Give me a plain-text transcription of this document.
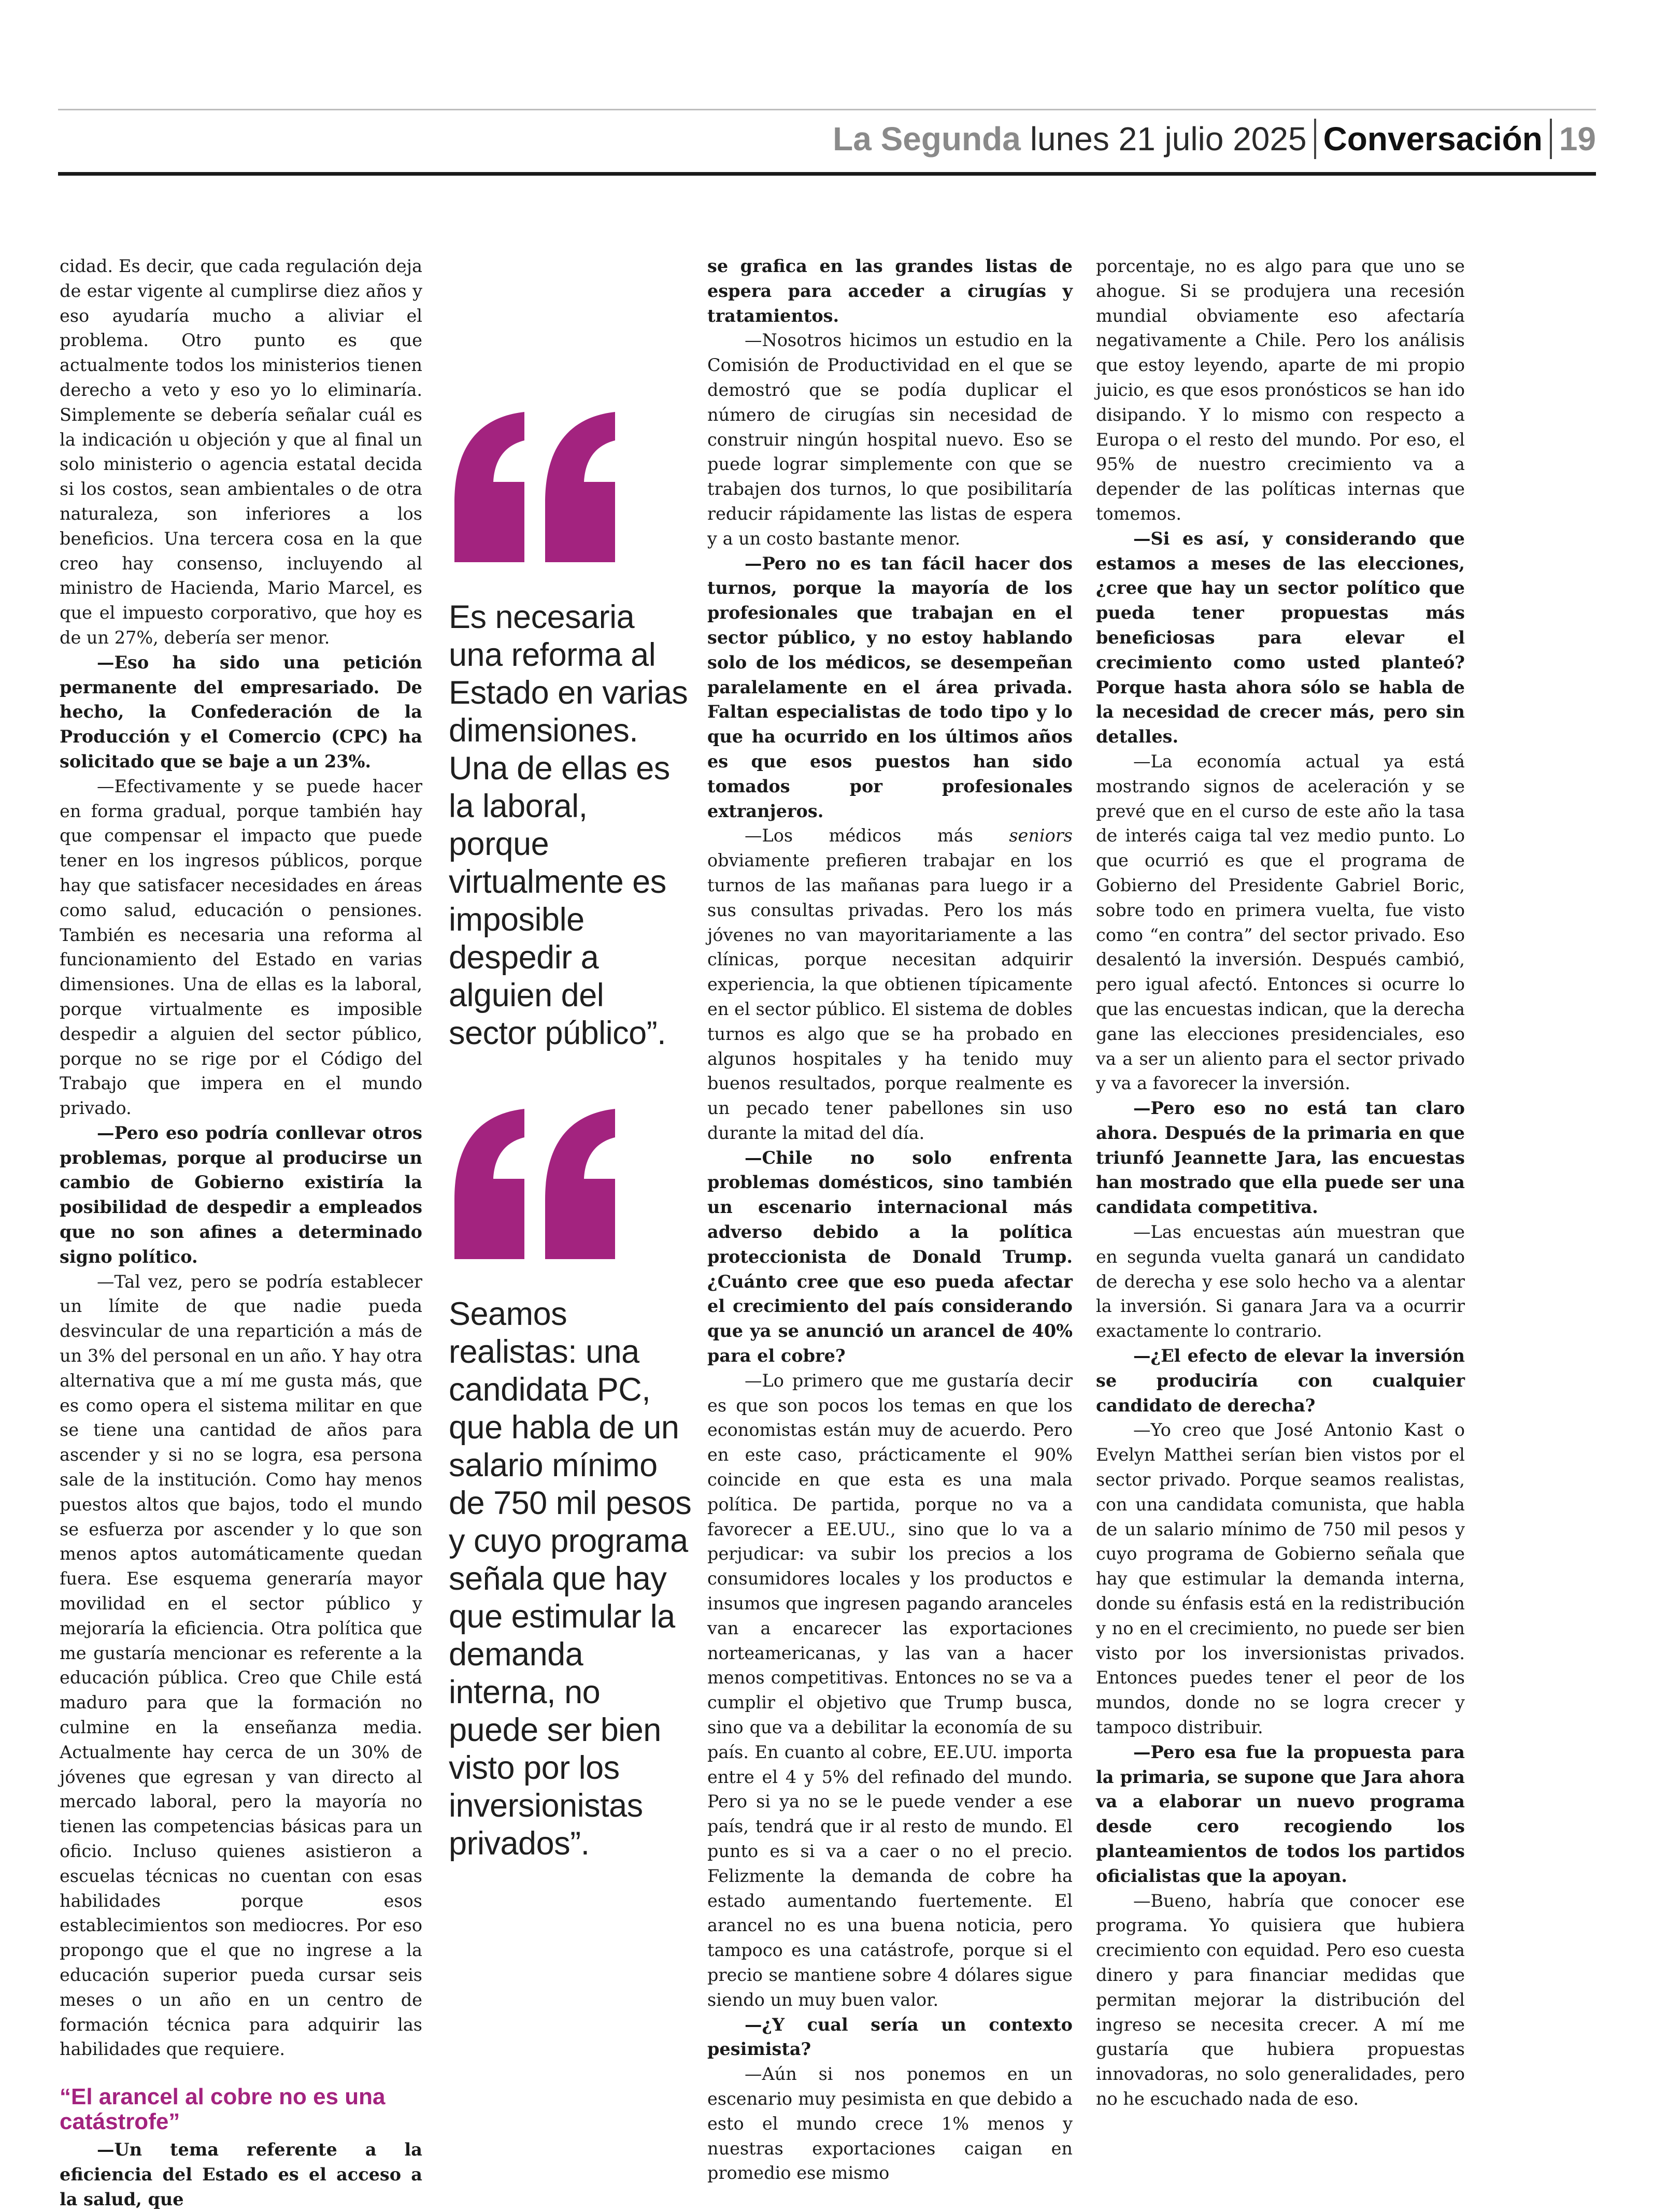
La Segunda lunes 21 julio 2025 Conversación 19

cidad. Es decir, que cada regulación deja de estar vigente al cumplirse diez años y eso ayudaría mucho a aliviar el problema. Otro punto es que actualmente todos los ministerios tienen derecho a veto y eso yo lo eliminaría. Simplemente se debería señalar cuál es la indicación u objeción y que al final un solo ministerio o agencia estatal decida si los costos, sean ambientales o de otra naturaleza, son inferiores a los beneficios. Una tercera cosa en la que creo hay consenso, incluyendo al ministro de Hacienda, Mario Marcel, es que el impuesto corporativo, que hoy es de un 27%, debería ser menor.

—Eso ha sido una petición permanente del empresariado. De hecho, la Confederación de la Producción y el Comercio (CPC) ha solicitado que se baje a un 23%.

—Efectivamente y se puede hacer en forma gradual, porque también hay que compensar el impacto que puede tener en los ingresos públicos, porque hay que satisfacer necesidades en áreas como salud, educación o pensiones. También es necesaria una reforma al funcionamiento del Estado en varias dimensiones. Una de ellas es la laboral, porque virtualmente es imposible despedir a alguien del sector público, porque no se rige por el Código del Trabajo que impera en el mundo privado.

—Pero eso podría conllevar otros problemas, porque al producirse un cambio de Gobierno existiría la posibilidad de despedir a empleados que no son afines a determinado signo político.

—Tal vez, pero se podría establecer un límite de que nadie pueda desvincular de una repartición a más de un 3% del personal en un año. Y hay otra alternativa que a mí me gusta más, que es como opera el sistema militar en que se tiene una cantidad de años para ascender y si no se logra, esa persona sale de la institución. Como hay menos puestos altos que bajos, todo el mundo se esfuerza por ascender y lo que son menos aptos automáticamente quedan fuera. Ese esquema generaría mayor movilidad en el sector público y mejoraría la eficiencia. Otra política que me gustaría mencionar es referente a la educación pública. Creo que Chile está maduro para que la formación no culmine en la enseñanza media. Actualmente hay cerca de un 30% de jóvenes que egresan y van directo al mercado laboral, pero la mayoría no tienen las competencias básicas para un oficio. Incluso quienes asistieron a escuelas técnicas no cuentan con esas habilidades porque esos establecimientos son mediocres. Por eso propongo que el que no ingrese a la educación superior pueda cursar seis meses o un año en un centro de formación técnica para adquirir las habilidades que requiere.

“El arancel al cobre no es una catástrofe”

—Un tema referente a la eficiencia del Estado es el acceso a la salud, que

Es necesaria una reforma al Estado en varias dimensiones. Una de ellas es la laboral, porque virtualmente es imposible despedir a alguien del sector público”.
Seamos realistas: una candidata PC, que habla de un salario mínimo de 750 mil pesos y cuyo programa señala que hay que estimular la demanda interna, no puede ser bien visto por los inversionistas privados”.

se grafica en las grandes listas de espera para acceder a cirugías y tratamientos.

—Nosotros hicimos un estudio en la Comisión de Productividad en el que se demostró que se podía duplicar el número de cirugías sin necesidad de construir ningún hospital nuevo. Eso se puede lograr simplemente con que se trabajen dos turnos, lo que posibilitaría reducir rápidamente las listas de espera y a un costo bastante menor.

—Pero no es tan fácil hacer dos turnos, porque la mayoría de los profesionales que trabajan en el sector público, y no estoy hablando solo de los médicos, se desempeñan paralelamente en el área privada. Faltan especialistas de todo tipo y lo que ha ocurrido en los últimos años es que esos puestos han sido tomados por profesionales extranjeros.

—Los médicos más seniors obviamente prefieren trabajar en los turnos de las mañanas para luego ir a sus consultas privadas. Pero los más jóvenes no van mayoritariamente a las clínicas, porque necesitan adquirir experiencia, la que obtienen típicamente en el sector público. El sistema de dobles turnos es algo que se ha probado en algunos hospitales y ha tenido muy buenos resultados, porque realmente es un pecado tener pabellones sin uso durante la mitad del día.

—Chile no solo enfrenta problemas domésticos, sino también un escenario internacional más adverso debido a la política proteccionista de Donald Trump. ¿Cuánto cree que eso pueda afectar el crecimiento del país considerando que ya se anunció un arancel de 40% para el cobre?

—Lo primero que me gustaría decir es que son pocos los temas en que los economistas están muy de acuerdo. Pero en este caso, prácticamente el 90% coincide en que esta es una mala política. De partida, porque no va a favorecer a EE.UU., sino que lo va a perjudicar: va subir los precios a los consumidores locales y los productos e insumos que ingresen pagando aranceles van a encarecer las exportaciones norteamericanas, y las van a hacer menos competitivas. Entonces no se va a cumplir el objetivo que Trump busca, sino que va a debilitar la economía de su país. En cuanto al cobre, EE.UU. importa entre el 4 y 5% del refinado del mundo. Pero si ya no se le puede vender a ese país, tendrá que ir al resto de mundo. El punto es si va a caer o no el precio. Felizmente la demanda de cobre ha estado aumentando fuertemente. El arancel no es una buena noticia, pero tampoco es una catástrofe, porque si el precio se mantiene sobre 4 dólares sigue siendo un muy buen valor.

—¿Y cual sería un contexto pesimista?

—Aún si nos ponemos en un escenario muy pesimista en que debido a esto el mundo crece 1% menos y nuestras exportaciones caigan en promedio ese mismo

porcentaje, no es algo para que uno se ahogue. Si se produjera una recesión mundial obviamente eso afectaría negativamente a Chile. Pero los análisis que estoy leyendo, aparte de mi propio juicio, es que esos pronósticos se han ido disipando. Y lo mismo con respecto a Europa o el resto del mundo. Por eso, el 95% de nuestro crecimiento va a depender de las políticas internas que tomemos.

—Si es así, y considerando que estamos a meses de las elecciones, ¿cree que hay un sector político que pueda tener propuestas más beneficiosas para elevar el crecimiento como usted planteó? Porque hasta ahora sólo se habla de la necesidad de crecer más, pero sin detalles.

—La economía actual ya está mostrando signos de aceleración y se prevé que en el curso de este año la tasa de interés caiga tal vez medio punto. Lo que ocurrió es que el programa de Gobierno del Presidente Gabriel Boric, sobre todo en primera vuelta, fue visto como “en contra” del sector privado. Eso desalentó la inversión. Después cambió, pero igual afectó. Entonces si ocurre lo que las encuestas indican, que la derecha gane las elecciones presidenciales, eso va a ser un aliento para el sector privado y va a favorecer la inversión.

—Pero eso no está tan claro ahora. Después de la primaria en que triunfó Jeannette Jara, las encuestas han mostrado que ella puede ser una candidata competitiva.

—Las encuestas aún muestran que en segunda vuelta ganará un candidato de derecha y ese solo hecho va a alentar la inversión. Si ganara Jara va a ocurrir exactamente lo contrario.

—¿El efecto de elevar la inversión se produciría con cualquier candidato de derecha?

—Yo creo que José Antonio Kast o Evelyn Matthei serían bien vistos por el sector privado. Porque seamos realistas, con una candidata comunista, que habla de un salario mínimo de 750 mil pesos y cuyo programa de Gobierno señala que hay que estimular la demanda interna, donde su énfasis está en la redistribución y no en el crecimiento, no puede ser bien visto por los inversionistas privados. Entonces puedes tener el peor de los mundos, donde no se logra crecer y tampoco distribuir.

—Pero esa fue la propuesta para la primaria, se supone que Jara ahora va a elaborar un nuevo programa desde cero recogiendo los planteamientos de todos los partidos oficialistas que la apoyan.

—Bueno, habría que conocer ese programa. Yo quisiera que hubiera crecimiento con equidad. Pero eso cuesta dinero y para financiar medidas que permitan mejorar la distribución del ingreso se necesita crecer. A mí me gustaría que hubiera propuestas innovadoras, no solo generalidades, pero no he escuchado nada de eso.
